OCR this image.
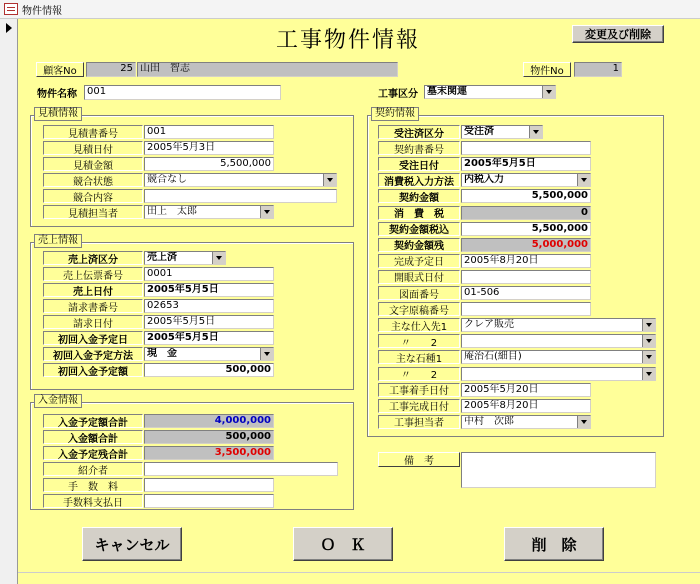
物件情報
工事物件情報	変更及び削除
顧客No	25 山田　智志	物件No	1
物件名称	001	工事区分 墓末関連
見積情報
売上情報
入金情報
契約情報
備　考
キャンセル	Ｏ　Ｋ	削　除
見積書番号	001
見積日付	2005年5月3日
見積金額	5,500,000
競合状態	競合なし
競合内容
見積担当者	田上　太郎
売上済区分	売上済
売上伝票番号	0001
売上日付	2005年5月5日
請求書番号	02653
請求日付	2005年5月5日
初回入金予定日	2005年5月5日
初回入金予定方法	現　金
初回入金予定額	500,000
入金予定額合計	4,000,000
入金額合計	500,000
入金予定残合計	3,500,000
紹介者
手　数　料
手数料支払日
受注済区分	受注済
契約書番号
受注日付	2005年5月5日
消費税入力方法	内税入力
契約金額	5,500,000
消　費　税	0
契約金額税込	5,500,000
契約金額残	5,000,000
完成予定日	2005年8月20日
開眼式日付
図面番号	01-506
文字原稿番号
主な仕入先1	クレア販売
〃　　2
主な石種1	庵治石(細目)
〃　　2
工事着手日付	2005年5月20日
工事完成日付	2005年8月20日
工事担当者	中村　次郎
